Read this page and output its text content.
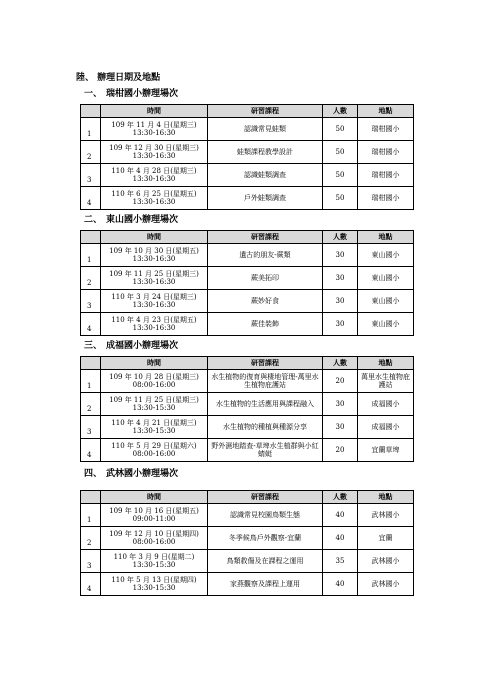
陸、 辦理日期及地點
一、 瑞柑國小辦理場次
	時間	研習課程	人數	地點
1	109 年 11 月 4 日(星期三)
13:30-16:30	認識常見蛙類	50	瑞柑國小
2	109 年 12 月 30 日(星期三)
13:30-16:30	蛙類課程教學設計	50	瑞柑國小
3	110 年 4 月 28 日(星期三)
13:30-16:30	認識蛙類調查	50	瑞柑國小
4	110 年 6 月 25 日(星期五)
13:30-16:30	戶外蛙類調查	50	瑞柑國小
二、 東山國小辦理場次
	時間	研習課程	人數	地點
1	109 年 10 月 30 日(星期五)
13:30-16:30	遺古的朋友-蕨類	30	東山國小
2	109 年 11 月 25 日(星期三)
13:30-16:30	蕨美拓印	30	東山國小
3	110 年 3 月 24 日(星期三)
13:30-16:30	蕨妙好食	30	東山國小
4	110 年 4 月 23 日(星期五)
13:30-16:30	蕨佳裝飾	30	東山國小
三、 成福國小辦理場次
	時間	研習課程	人數	地點
1	109 年 10 月 28 日(星期三)
08:00-16:00	水生植物的復育與棲地管理-萬里水生植物庇護站	20	萬里水生植物庇護站
2	109 年 11 月 25 日(星期三)
13:30-15:30	水生植物的生活應用與課程融入	30	成福國小
3	110 年 4 月 21 日(星期三)
13:30-15:30	水生植物的種植與種源分享	30	成福國小
4	110 年 5 月 29 日(星期六)
08:00-16:00	野外濕地踏查-草埤水生植群與小紅蜻蜓	20	宜蘭草埤
四、 武林國小辦理場次
	時間	研習課程	人數	地點
1	109 年 10 月 16 日(星期五)
09:00-11:00	認識常見校園鳥類生態	40	武林國小
2	109 年 12 月 10 日(星期四)
08:00-16:00	冬季候鳥戶外觀察-宜蘭	40	宜蘭
3	110 年 3 月 9 日(星期二)
13:30-15:30	鳥類救傷及在課程之運用	35	武林國小
4	110 年 5 月 13 日(星期四)
13:30-15:30	家燕觀察及課程上運用	40	武林國小
